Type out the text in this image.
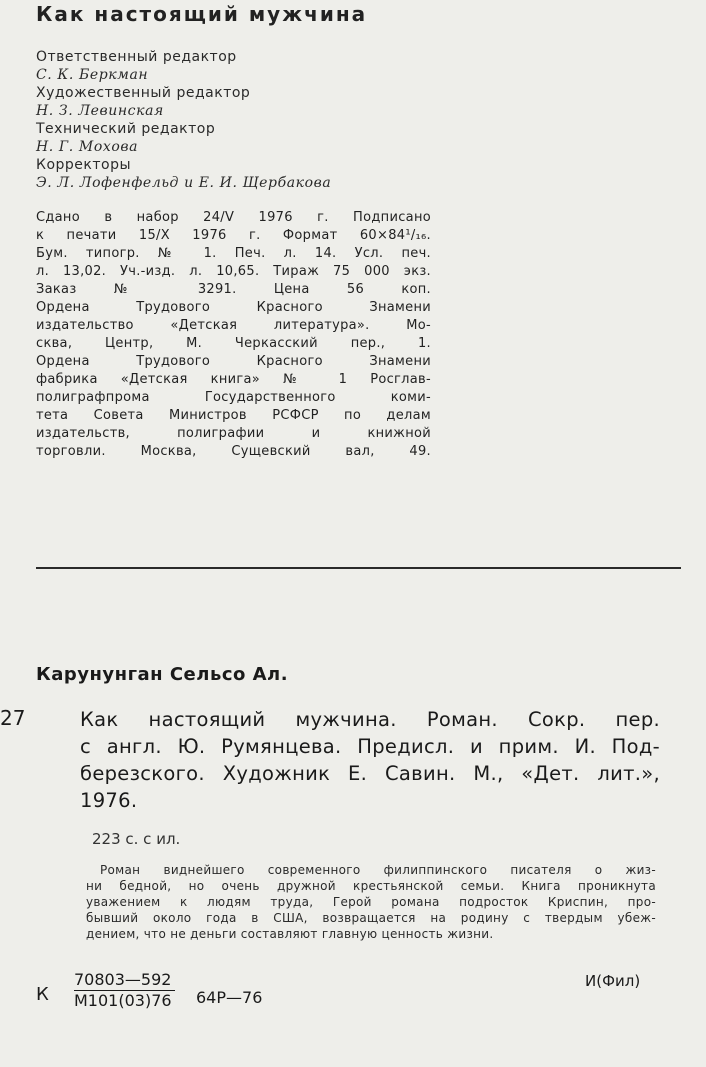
Как настоящий мужчина
Ответственный редактор
С. К. Беркман
Художественный редактор
Н. З. Левинская
Технический редактор
Н. Г. Мохова
Корректоры
Э. Л. Лофенфельд и Е. И. Щербакова
Сдано в набор 24/V 1976 г. Подписано
к печати 15/X 1976 г. Формат 60×84¹/₁₆.
Бум. типогр. № 1. Печ. л. 14. Усл. печ.
л. 13,02. Уч.-изд. л. 10,65. Тираж 75 000 экз.
Заказ № 3291. Цена 56 коп.
Ордена Трудового Красного Знамени
издательство «Детская литература». Мо-
сква, Центр, М. Черкасский пер., 1.
Ордена Трудового Красного Знамени
фабрика «Детская книга» № 1 Росглав-
полиграфпрома Государственного коми-
тета Совета Министров РСФСР по делам
издательств, полиграфии и книжной
торговли. Москва, Сущевский вал, 49.
Карунунган Сельсо Ал.
27	Как настоящий мужчина. Роман. Сокр. пер.
с англ. Ю. Румянцева. Предисл. и прим. И. Под-
березского. Художник Е. Савин. М., «Дет. лит.»,
1976.
223 с. с ил.
Роман виднейшего современного филиппинского писателя о жиз-
ни бедной, но очень дружной крестьянской семьи. Книга проникнута
уважением к людям труда, Герой романа подросток Криспин, про-
бывший около года в США, возвращается на родину с твердым убеж-
дением, что не деньги составляют главную ценность жизни.
К
70803—592
М101(03)76 64Р—76
И(Фил)
